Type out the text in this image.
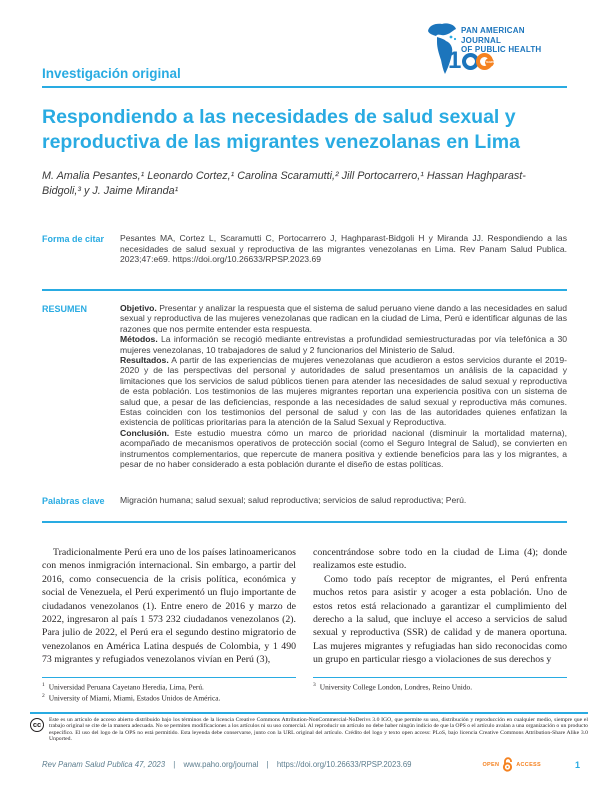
PAN AMERICAN JOURNAL
OF PUBLIC HEALTH
1	YEARS
Investigación original
Respondiendo a las necesidades de salud sexual y reproductiva de las migrantes venezolanas en Lima
M. Amalia Pesantes,¹ Leonardo Cortez,¹ Carolina Scaramutti,² Jill Portocarrero,¹ Hassan Haghparast-Bidgoli,³ y J. Jaime Miranda¹
Forma de citar	Pesantes MA, Cortez L, Scaramutti C, Portocarrero J, Haghparast-Bidgoli H y Miranda JJ. Respondiendo a las necesidades de salud sexual y reproductiva de las migrantes venezolanas en Lima. Rev Panam Salud Publica. 2023;47:e69. https://doi.org/10.26633/RPSP.2023.69
RESUMEN	Objetivo. Presentar y analizar la respuesta que el sistema de salud peruano viene dando a las necesidades en salud sexual y reproductiva de las mujeres venezolanas que radican en la ciudad de Lima, Perú e identificar algunas de las razones que nos permite entender esta respuesta.

Métodos. La información se recogió mediante entrevistas a profundidad semiestructuradas por vía telefónica a 30 mujeres venezolanas, 10 trabajadores de salud y 2 funcionarios del Ministerio de Salud.

Resultados. A partir de las experiencias de mujeres venezolanas que acudieron a estos servicios durante el 2019-2020 y de las perspectivas del personal y autoridades de salud presentamos un análisis de la capacidad y limitaciones que los servicios de salud públicos tienen para atender las necesidades de salud sexual y reproductiva de esta población. Los testimonios de las mujeres migrantes reportan una experiencia positiva con un sistema de salud que, a pesar de las deficiencias, responde a las necesidades de salud sexual y reproductiva más comunes. Estas coinciden con los testimonios del personal de salud y con las de las autoridades quienes enfatizan la existencia de políticas prioritarias para la atención de la Salud Sexual y Reproductiva.

Conclusión. Este estudio muestra cómo un marco de prioridad nacional (disminuir la mortalidad materna), acompañado de mecanismos operativos de protección social (como el Seguro Integral de Salud), se convierten en instrumentos complementarios, que repercute de manera positiva y extiende beneficios para las y los migrantes, a pesar de no haber considerado a esta población durante el diseño de estas políticas.

Palabras clave	Migración humana; salud sexual; salud reproductiva; servicios de salud reproductiva; Perú.

Tradicionalmente Perú era uno de los países latinoamericanos con menos inmigración internacional. Sin embargo, a partir del 2016, como consecuencia de la crisis política, económica y social de Venezuela, el Perú experimentó un flujo importante de ciudadanos venezolanos (1). Entre enero de 2016 y marzo de 2022, ingresaron al país 1 573 232 ciudadanos venezolanos (2). Para julio de 2022, el Perú era el segundo destino migratorio de venezolanos en América Latina después de Colombia, y 1 490 73 migrantes y refugiados venezolanos vivían en Perú (3),

$^1$ Universidad Peruana Cayetano Heredia, Lima, Perú.
$^2$ University of Miami, Miami, Estados Unidos de América.

concentrándose sobre todo en la ciudad de Lima (4); donde realizamos este estudio.

Como todo país receptor de migrantes, el Perú enfrenta muchos retos para asistir y acoger a esta población. Uno de estos retos está relacionado a garantizar el cumplimiento del derecho a la salud, que incluye el acceso a servicios de salud sexual y reproductiva (SSR) de calidad y de manera oportuna. Las mujeres migrantes y refugiadas han sido reconocidas como un grupo en particular riesgo a violaciones de sus derechos y

$^3$ University College London, Londres, Reino Unido.
cc	Este es un artículo de acceso abierto distribuido bajo los términos de la licencia Creative Commons Attribution-NonCommercial-NoDerivs 3.0 IGO, que permite su uso, distribución y reproducción en cualquier medio, siempre que el trabajo original se cite de la manera adecuada. No se permiten modificaciones a los artículos ni su uso comercial. Al reproducir un artículo no debe haber ningún indicio de que la OPS o el artículo avalan a una organización o un producto específico. El uso del logo de la OPS no está permitido. Esta leyenda debe conservarse, junto con la URL original del artículo. Crédito del logo y texto open access: PLoS, bajo licencia Creative Commons Attribution-Share Alike 3.0 Unported.

Rev Panam Salud Publica 47, 2023 | www.paho.org/journal | https://doi.org/10.26633/RPSP.2023.69	OPEN	ACCESS	1
